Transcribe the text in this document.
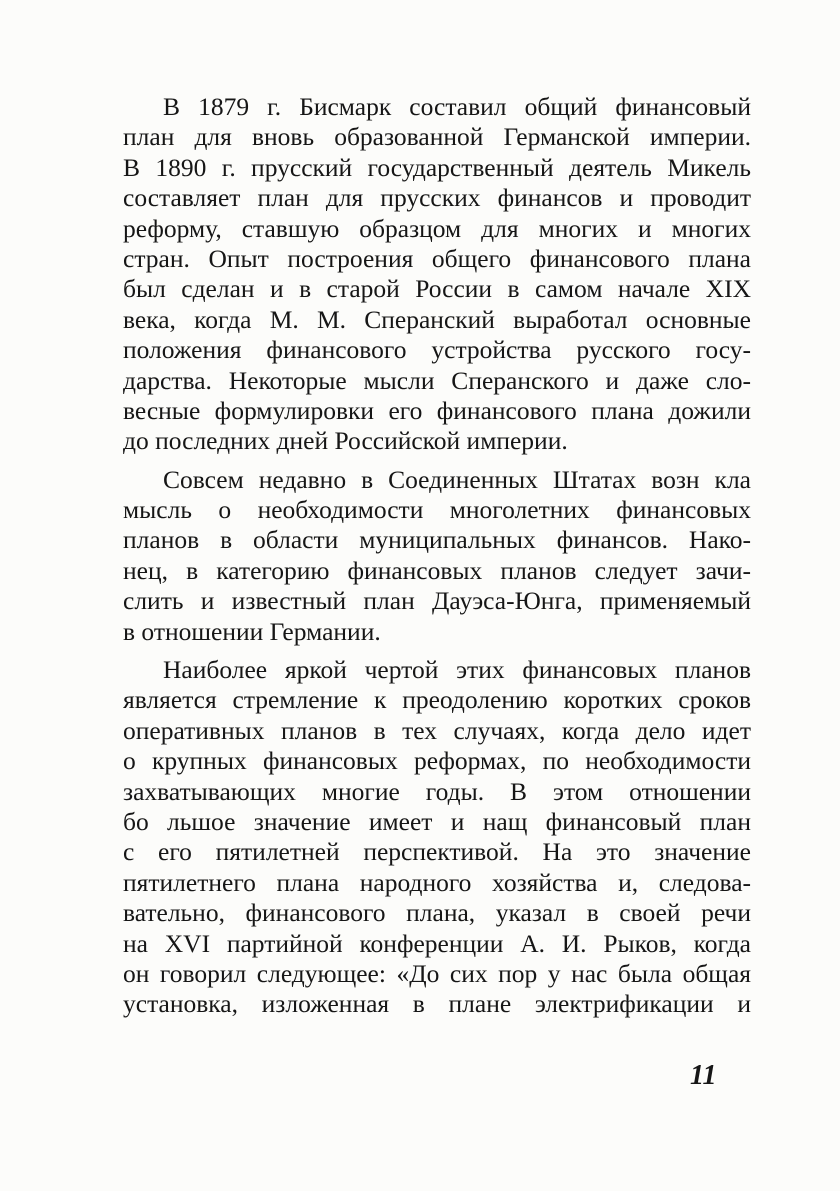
В 1879 г. Бисмарк составил общий финансовый
план для вновь образованной Германской империи.
В 1890 г. прусский государственный деятель Микель
составляет план для прусских финансов и проводит
реформу, ставшую образцом для многих и многих
стран. Опыт построения общего финансового плана
был сделан и в старой России в самом начале XIX
века, когда М. М. Сперанский выработал основные
положения финансового устройства русского госу-
дарства. Некоторые мысли Сперанского и даже сло-
весные формулировки его финансового плана дожили
до последних дней Российской империи.
Совсем недавно в Соединенных Штатах возн кла
мысль о необходимости многолетних финансовых
планов в области муниципальных финансов. Нако-
нец, в категорию финансовых планов следует зачи-
слить и известный план Дауэса-Юнга, применяемый
в отношении Германии.
Наиболее яркой чертой этих финансовых планов
является стремление к преодолению коротких сроков
оперативных планов в тех случаях, когда дело идет
о крупных финансовых реформах, по необходимости
захватывающих многие годы. В этом отношении
бо льшое значение имеет и нащ финансовый план
с его пятилетней перспективой. На это значение
пятилетнего плана народного хозяйства и, следова-
вательно, финансового плана, указал в своей речи
на XVI партийной конференции А. И. Рыков, когда
он говорил следующее: «До сих пор у нас была общая
установка, изложенная в плане электрификации и
11
